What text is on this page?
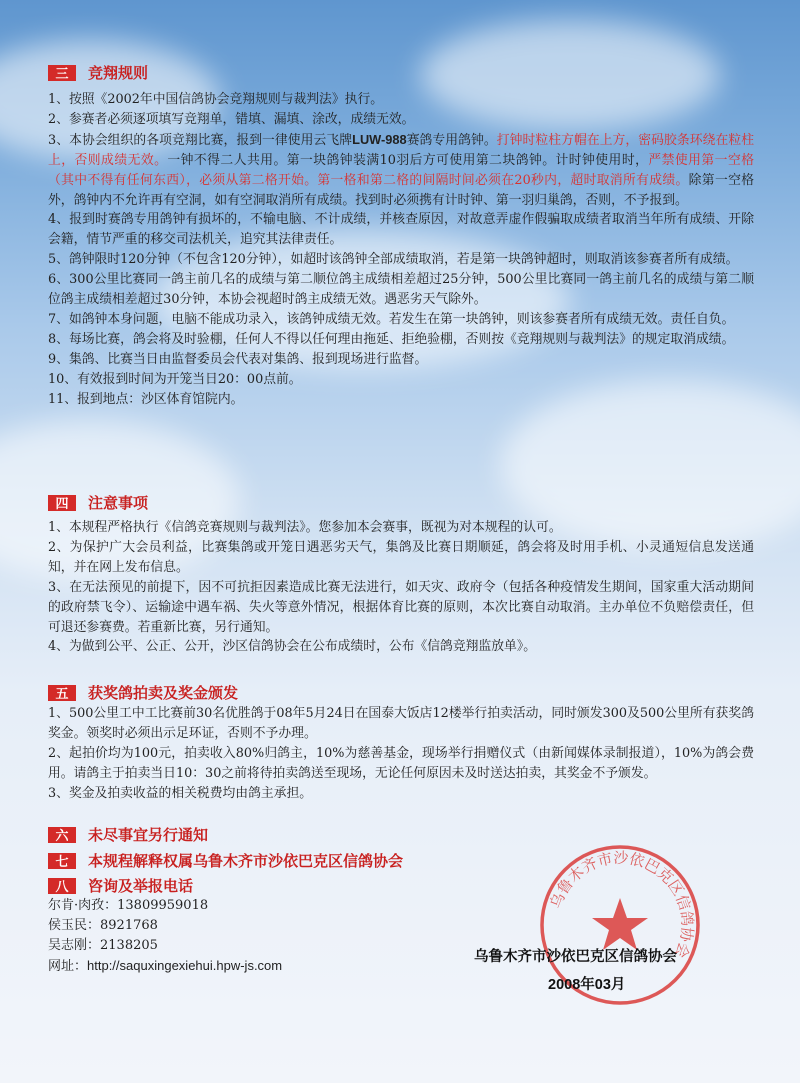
三	竞翔规则

1、按照《2002年中国信鸽协会竞翔规则与裁判法》执行。

2、参赛者必须逐项填写竞翔单，错填、漏填、涂改，成绩无效。

3、本协会组织的各项竞翔比赛，报到一律使用云飞牌LUW-988赛鸽专用鸽钟。打钟时粒柱方帽在上方，密码胶条环绕在粒柱上，否则成绩无效。一钟不得二人共用。第一块鸽钟装满10羽后方可使用第二块鸽钟。计时钟使用时，严禁使用第一空格（其中不得有任何东西），必须从第二格开始。第一格和第二格的间隔时间必须在20秒内，超时取消所有成绩。除第一空格外，鸽钟内不允许再有空洞，如有空洞取消所有成绩。找到时必须携有计时钟、第一羽归巢鸽，否则，不予报到。

4、报到时赛鸽专用鸽钟有损坏的，不输电脑、不计成绩，并核查原因，对故意弄虚作假骗取成绩者取消当年所有成绩、开除会籍，情节严重的移交司法机关，追究其法律责任。

5、鸽钟限时120分钟（不包含120分钟），如超时该鸽钟全部成绩取消，若是第一块鸽钟超时，则取消该参赛者所有成绩。

6、300公里比赛同一鸽主前几名的成绩与第二顺位鸽主成绩相差超过25分钟，500公里比赛同一鸽主前几名的成绩与第二顺位鸽主成绩相差超过30分钟，本协会视超时鸽主成绩无效。遇恶劣天气除外。

7、如鸽钟本身问题，电脑不能成功录入，该鸽钟成绩无效。若发生在第一块鸽钟，则该参赛者所有成绩无效。责任自负。

8、每场比赛，鸽会将及时验棚，任何人不得以任何理由拖延、拒绝验棚，否则按《竞翔规则与裁判法》的规定取消成绩。

9、集鸽、比赛当日由监督委员会代表对集鸽、报到现场进行监督。

10、有效报到时间为开笼当日20：00点前。

11、报到地点：沙区体育馆院内。

四	注意事项

1、本规程严格执行《信鸽竞赛规则与裁判法》。您参加本会赛事，既视为对本规程的认可。

2、为保护广大会员利益，比赛集鸽或开笼日遇恶劣天气，集鸽及比赛日期顺延，鸽会将及时用手机、小灵通短信息发送通知，并在网上发布信息。

3、在无法预见的前提下，因不可抗拒因素造成比赛无法进行，如天灾、政府令（包括各种疫情发生期间，国家重大活动期间的政府禁飞令）、运输途中遇车祸、失火等意外情况，根据体育比赛的原则，本次比赛自动取消。主办单位不负赔偿责任，但可退还参赛费。若重新比赛，另行通知。

4、为做到公平、公正、公开，沙区信鸽协会在公布成绩时，公布《信鸽竞翔监放单》。

五	获奖鸽拍卖及奖金颁发

1、500公里工中工比赛前30名优胜鸽于08年5月24日在国泰大饭店12楼举行拍卖活动，同时颁发300及500公里所有获奖鸽奖金。领奖时必须出示足环证，否则不予办理。

2、起拍价均为100元，拍卖收入80%归鸽主，10%为慈善基金，现场举行捐赠仪式（由新闻媒体录制报道），10%为鸽会费用。请鸽主于拍卖当日10：30之前将待拍卖鸽送至现场，无论任何原因未及时送达拍卖，其奖金不予颁发。

3、奖金及拍卖收益的相关税费均由鸽主承担。

六	未尽事宜另行通知
七	本规程解释权属乌鲁木齐市沙依巴克区信鸽协会
八	咨询及举报电话
尔肯·肉孜：13809959018
侯玉民：8921768
吴志刚：2138205
网址：http://saquxingexiehui.hpw-js.com
乌鲁木齐市沙依巴克区信鸽协会
乌鲁木齐市沙依巴克区信鸽协会
2008年03月
